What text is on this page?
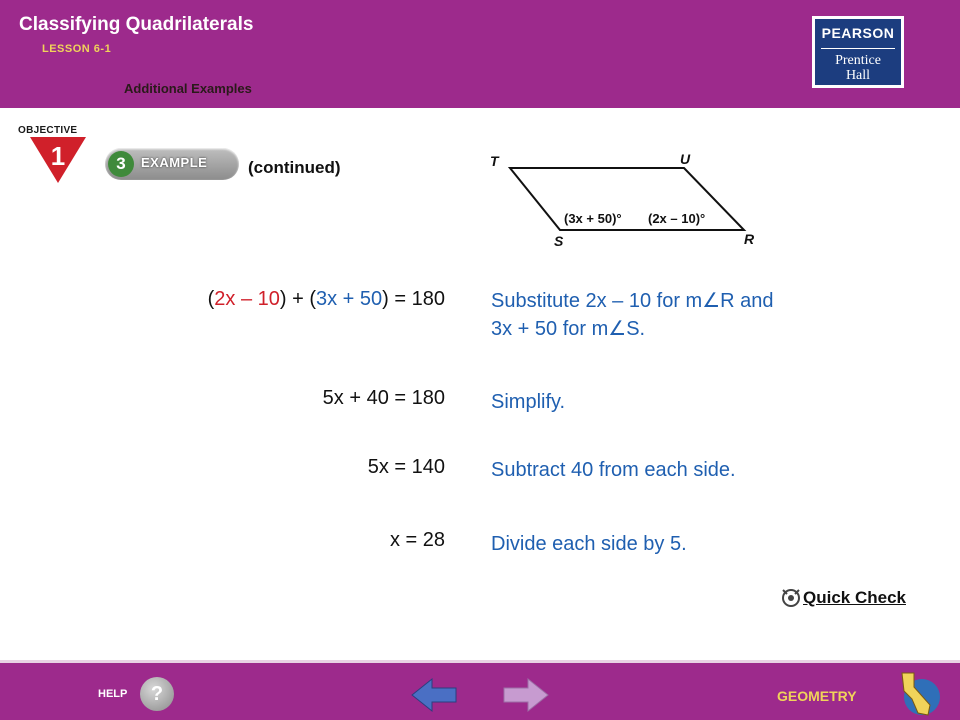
Classifying Quadrilaterals
LESSON 6-1
Additional Examples
PEARSON
Prentice
Hall
OBJECTIVE
1	3	EXAMPLE (continued)	T	U
S	R
(3x + 50)° (2x – 10)°
(2x – 10) + (3x + 50) = 180 Substitute 2x – 10 for m∠R and
3x + 50 for m∠S.
5x + 40 = 180 Simplify.
5x = 140 Subtract 40 from each side.
x = 28 Divide each side by 5.
Quick Check
HELP	?	GEOMETRY
